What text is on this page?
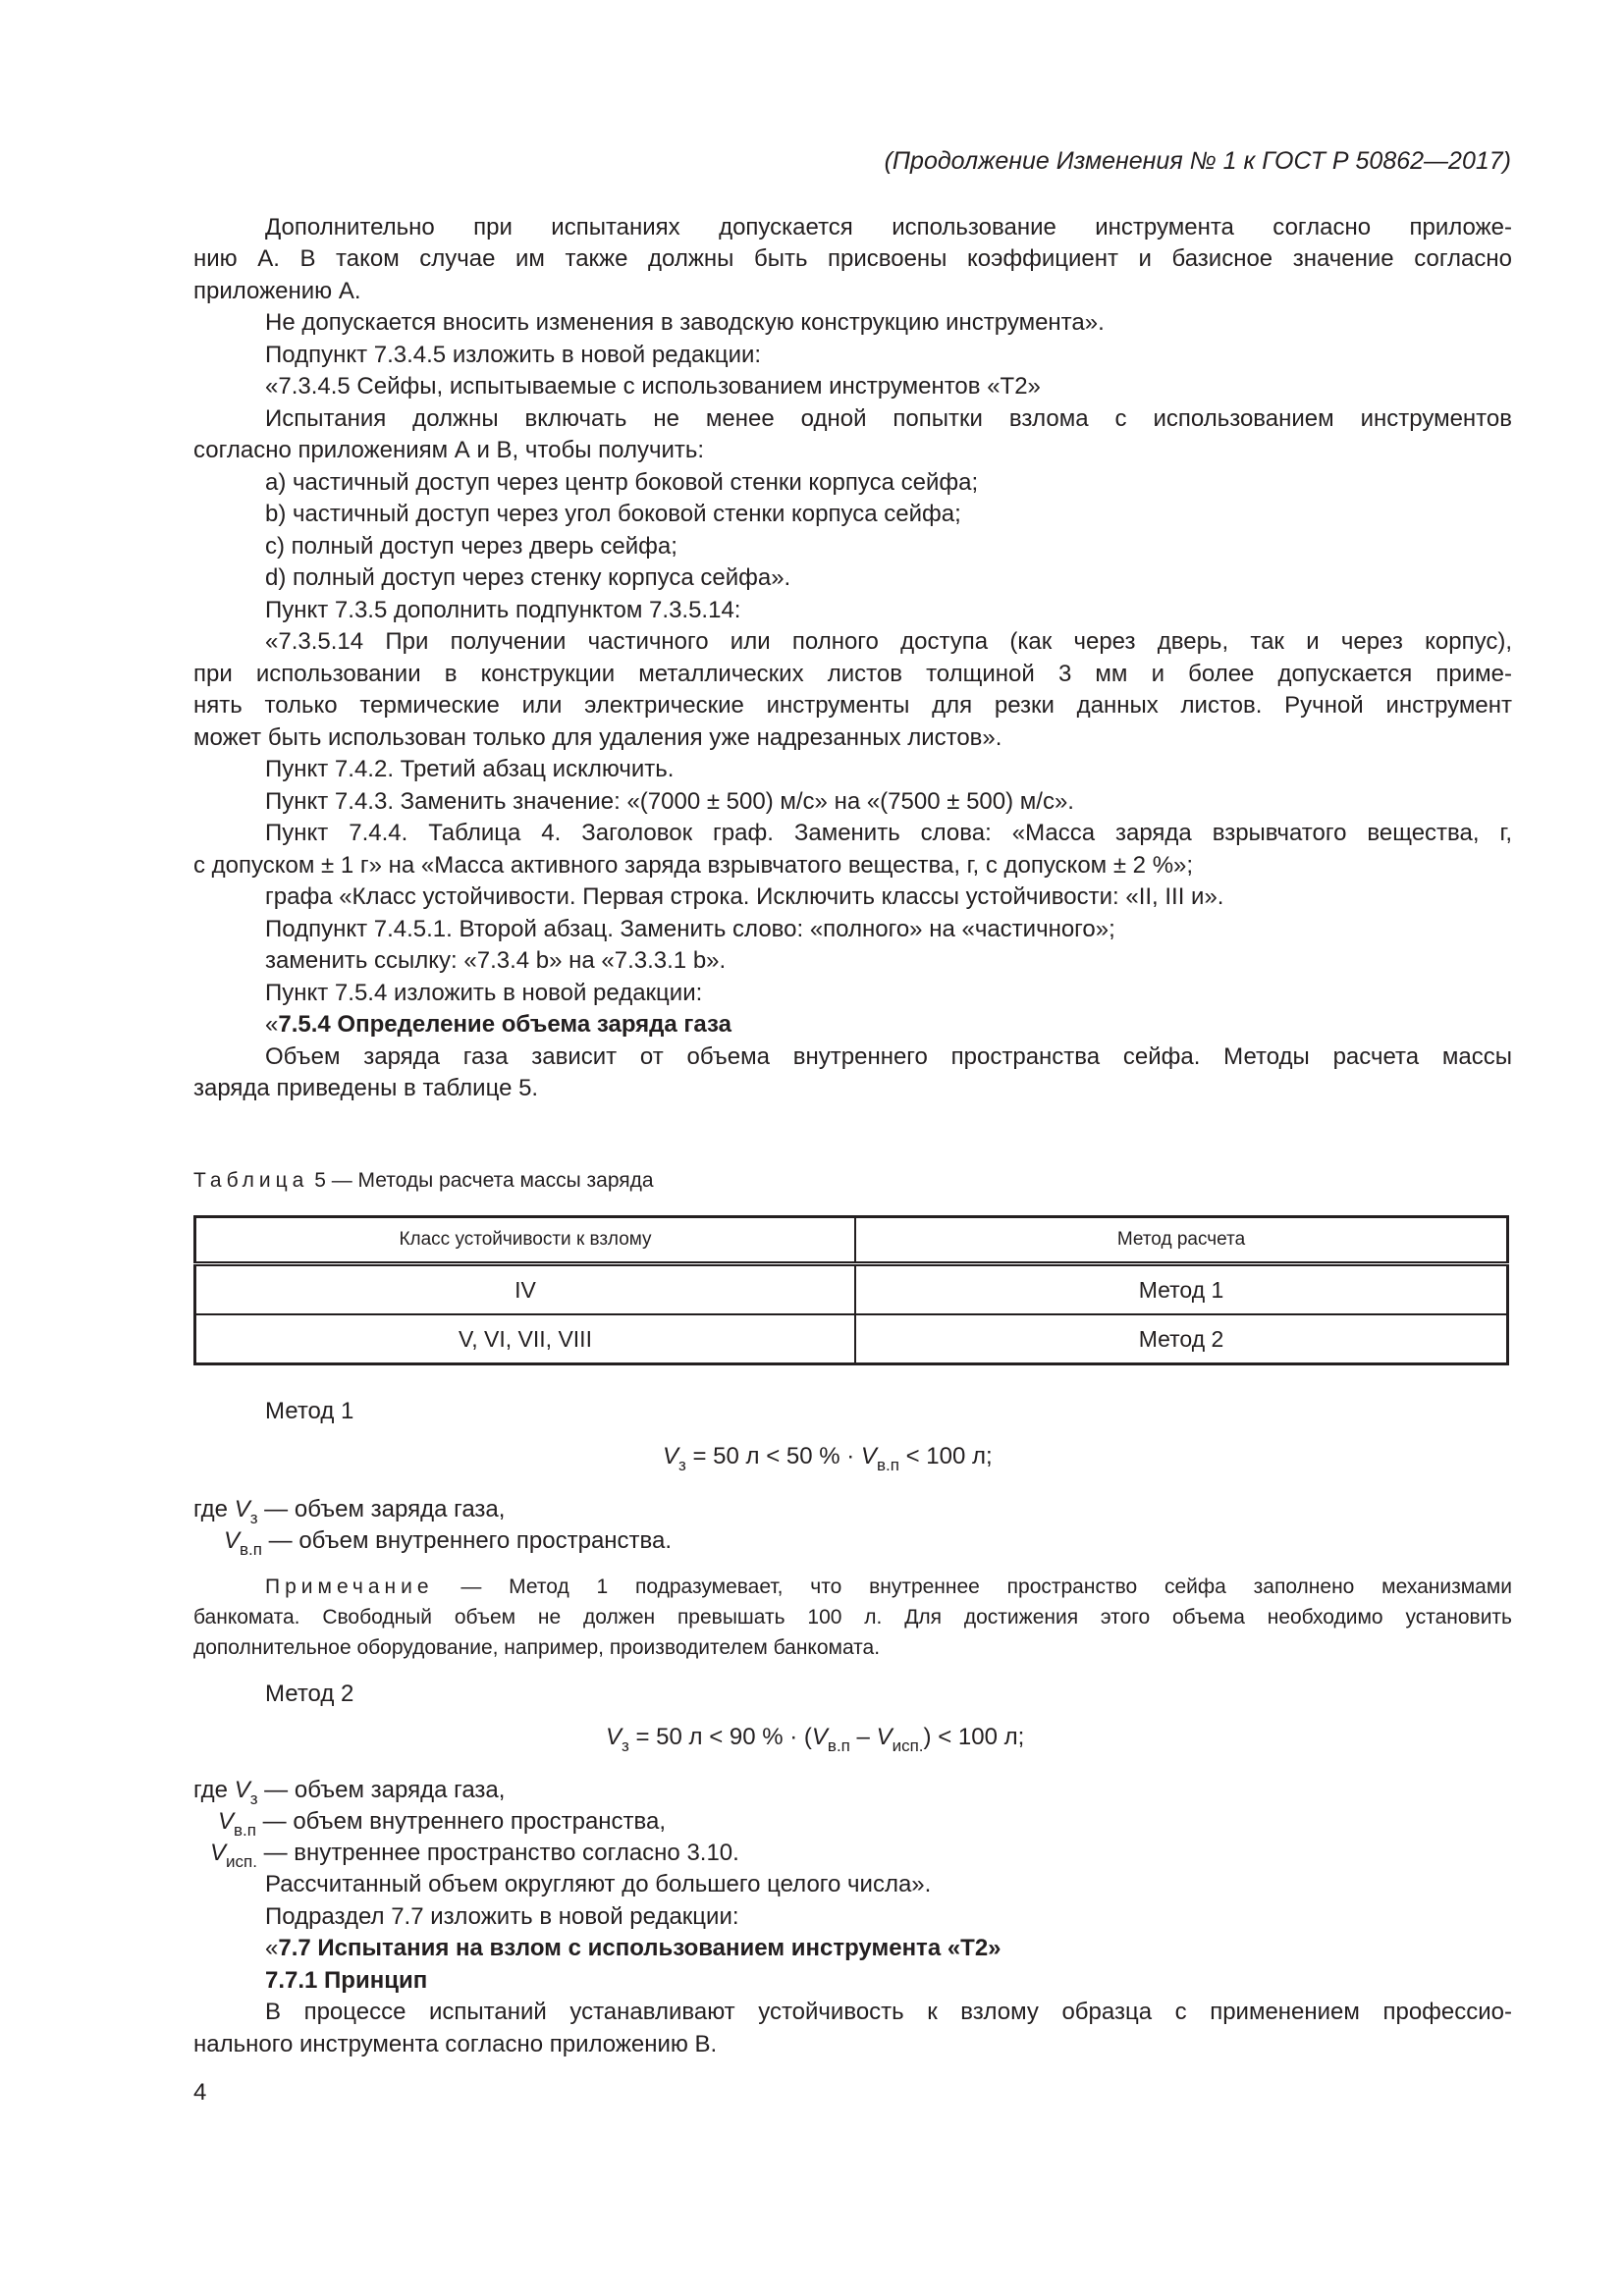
(Продолжение Изменения № 1 к ГОСТ Р 50862—2017)
Дополнительно при испытаниях допускается использование инструмента согласно приложе-
нию А. В таком случае им также должны быть присвоены коэффициент и базисное значение согласно
приложению А.
Не допускается вносить изменения в заводскую конструкцию инструмента».
Подпункт 7.3.4.5 изложить в новой редакции:
«7.3.4.5 Сейфы, испытываемые с использованием инструментов «Т2»
Испытания должны включать не менее одной попытки взлома с использованием инструментов
согласно приложениям А и В, чтобы получить:
a) частичный доступ через центр боковой стенки корпуса сейфа;
b) частичный доступ через угол боковой стенки корпуса сейфа;
c) полный доступ через дверь сейфа;
d) полный доступ через стенку корпуса сейфа».
Пункт 7.3.5 дополнить подпунктом 7.3.5.14:
«7.3.5.14 При получении частичного или полного доступа (как через дверь, так и через корпус),
при использовании в конструкции металлических листов толщиной 3 мм и более допускается приме-
нять только термические или электрические инструменты для резки данных листов. Ручной инструмент
может быть использован только для удаления уже надрезанных листов».
Пункт 7.4.2. Третий абзац исключить.
Пункт 7.4.3. Заменить значение: «(7000 ± 500) м/с» на «(7500 ± 500) м/с».
Пункт 7.4.4. Таблица 4. Заголовок граф. Заменить слова: «Масса заряда взрывчатого вещества, г,
с допуском ± 1 г» на «Масса активного заряда взрывчатого вещества, г, с допуском ± 2 %»;
графа «Класс устойчивости. Первая строка. Исключить классы устойчивости: «II, III и».
Подпункт 7.4.5.1. Второй абзац. Заменить слово: «полного» на «частичного»;
заменить ссылку: «7.3.4 b» на «7.3.3.1 b».
Пункт 7.5.4 изложить в новой редакции:
«7.5.4 Определение объема заряда газа
Объем заряда газа зависит от объема внутреннего пространства сейфа. Методы расчета массы
заряда приведены в таблице 5.
Таблица 5 — Методы расчета массы заряда
Класс устойчивости к взлому	Метод расчета
IV	Метод 1
V, VI, VII, VIII	Метод 2
Метод 1
$V_з = 50$ л < 50 % · $V_{в.п} < 100$ л;
где $V_з$ — объем заряда газа,
$V_{в.п}$ — объем внутреннего пространства.
Примечание — Метод 1 подразумевает, что внутреннее пространство сейфа заполнено механизмами
банкомата. Свободный объем не должен превышать 100 л. Для достижения этого объема необходимо установить
дополнительное оборудование, например, производителем банкомата.
Метод 2
$V_з = 50$ л < 90 % · $(V_{в.п} - V_{исп.}) < 100$ л;
где $V_з$ — объем заряда газа,
$V_{в.п}$ — объем внутреннего пространства,
$V_{исп.}$ — внутреннее пространство согласно 3.10.
Рассчитанный объем округляют до большего целого числа».
Подраздел 7.7 изложить в новой редакции:
«7.7 Испытания на взлом с использованием инструмента «Т2»
7.7.1 Принцип
В процессе испытаний устанавливают устойчивость к взлому образца с применением профессио-
нального инструмента согласно приложению В.
4
